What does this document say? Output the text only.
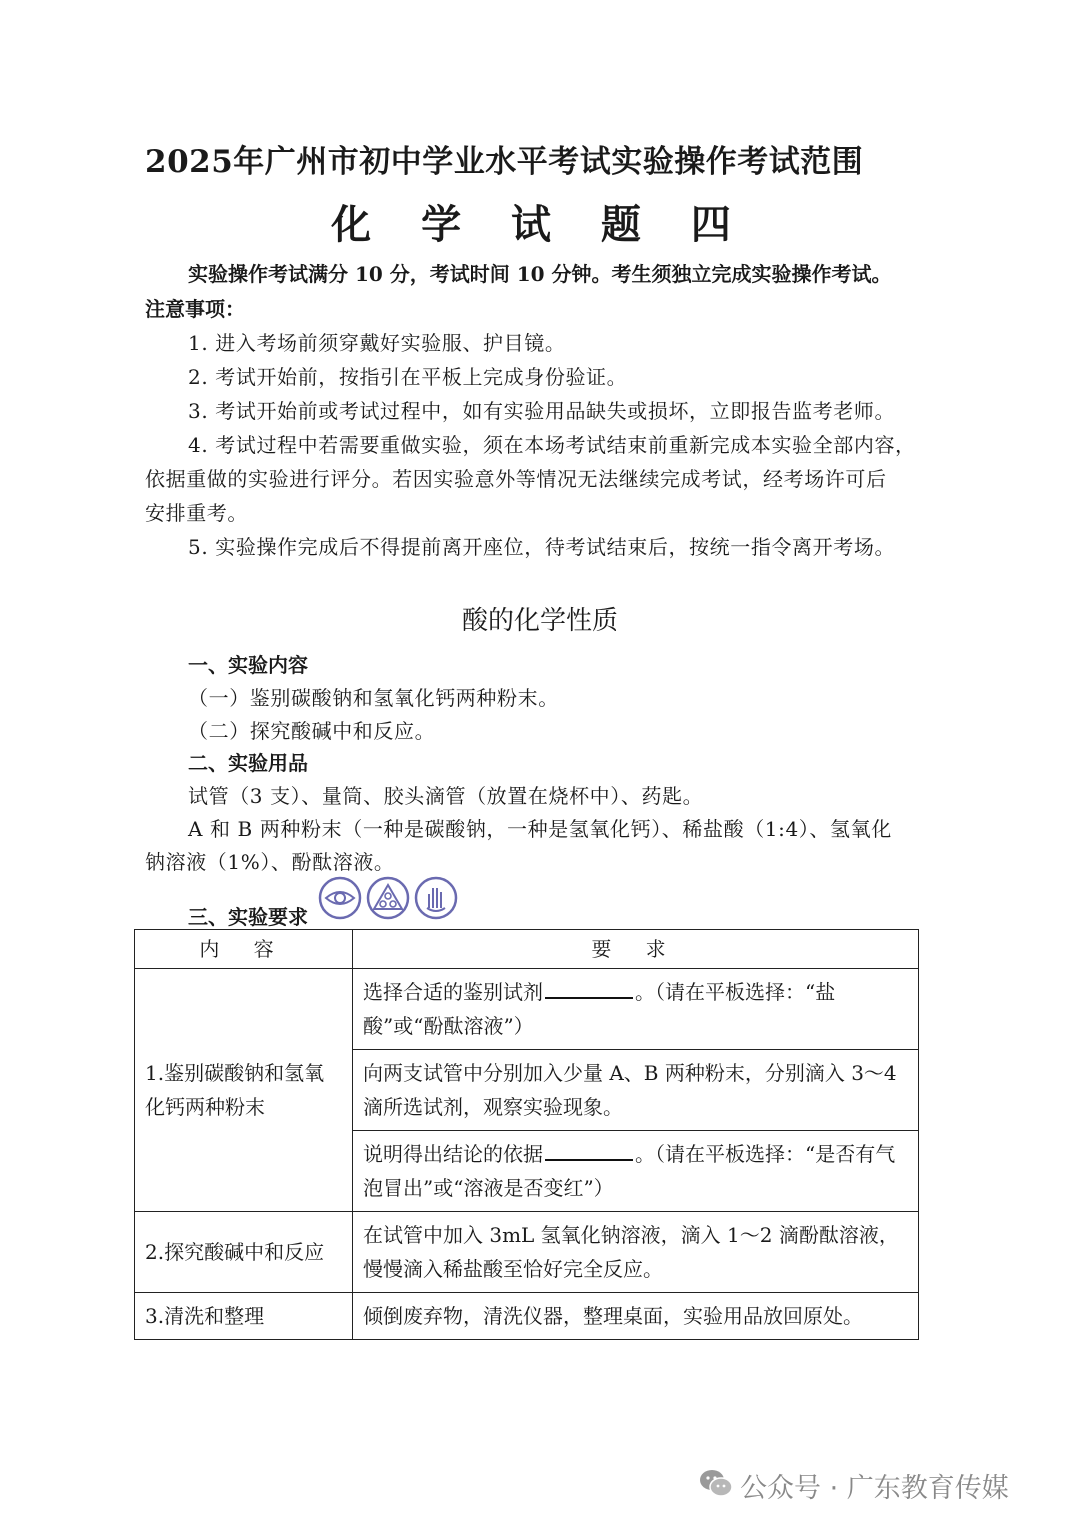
2025年广州市初中学业水平考试实验操作考试范围
化 学 试 题 四
实验操作考试满分 10 分，考试时间 10 分钟。考生须独立完成实验操作考试。
注意事项：
1. 进入考场前须穿戴好实验服、护目镜。
2. 考试开始前，按指引在平板上完成身份验证。
3. 考试开始前或考试过程中，如有实验用品缺失或损坏，立即报告监考老师。
4. 考试过程中若需要重做实验，须在本场考试结束前重新完成本实验全部内容，
依据重做的实验进行评分。若因实验意外等情况无法继续完成考试，经考场许可后
安排重考。
5. 实验操作完成后不得提前离开座位，待考试结束后，按统一指令离开考场。
酸的化学性质
一、实验内容
（一）鉴别碳酸钠和氢氧化钙两种粉末。
（二）探究酸碱中和反应。
二、实验用品
试管（3 支）、量筒、胶头滴管（放置在烧杯中）、药匙。
A 和 B 两种粉末（一种是碳酸钠，一种是氢氧化钙）、稀盐酸（1:4）、氢氧化
钠溶液（1%）、酚酞溶液。
三、实验要求
内 容	要 求
1.鉴别碳酸钠和氢氧化钙两种粉末	选择合适的鉴别试剂 。（请在平板选择：“盐酸”或“酚酞溶液”）
	向两支试管中分别加入少量 A、B 两种粉末，分别滴入 3～4 滴所选试剂，观察实验现象。
	说明得出结论的依据 。（请在平板选择：“是否有气泡冒出”或“溶液是否变红”）
2.探究酸碱中和反应	在试管中加入 3mL 氢氧化钠溶液，滴入 1～2 滴酚酞溶液，慢慢滴入稀盐酸至恰好完全反应。
3.清洗和整理	倾倒废弃物，清洗仪器，整理桌面，实验用品放回原处。
公众号 · 广东教育传媒
